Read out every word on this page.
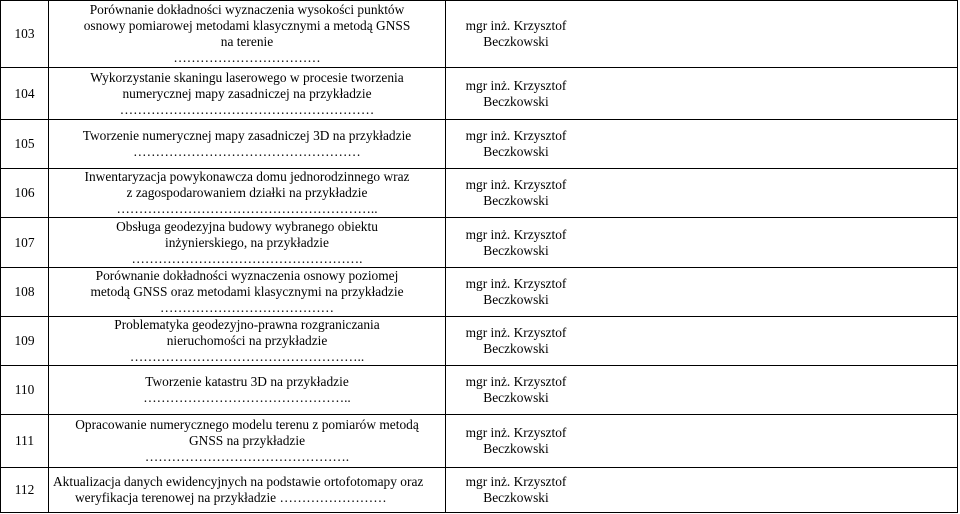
103	Porównanie dokładności wyznaczenia wysokości punktów
osnowy pomiarowej metodami klasycznymi a metodą GNSS
na terenie
……………………………	mgr inż. Krzysztof
Beczkowski

104	Wykorzystanie skaningu laserowego w procesie tworzenia
numerycznej mapy zasadniczej na przykładzie
…………………………………………………	mgr inż. Krzysztof
Beczkowski

105	Tworzenie numerycznej mapy zasadniczej 3D na przykładzie
……………………………………………	mgr inż. Krzysztof
Beczkowski

106	Inwentaryzacja powykonawcza domu jednorodzinnego wraz
z zagospodarowaniem działki na przykładzie
…………………………………………………..	mgr inż. Krzysztof
Beczkowski

107	Obsługa geodezyjna budowy wybranego obiektu
inżynierskiego, na przykładzie
…………………………………………….	mgr inż. Krzysztof
Beczkowski

108	Porównanie dokładności wyznaczenia osnowy poziomej
metodą GNSS oraz metodami klasycznymi na przykładzie
…………………………………	mgr inż. Krzysztof
Beczkowski

109	Problematyka geodezyjno-prawna rozgraniczania
nieruchomości na przykładzie
……………………………………………..	mgr inż. Krzysztof
Beczkowski

110	Tworzenie katastru 3D na przykładzie
………………………………………..	mgr inż. Krzysztof
Beczkowski

111	Opracowanie numerycznego modelu terenu z pomiarów metodą
GNSS na przykładzie
……………………………………….	mgr inż. Krzysztof
Beczkowski

112	Aktualizacja danych ewidencyjnych na podstawie ortofotomapy oraz
weryfikacja terenowej na przykładzie ……………………	mgr inż. Krzysztof
Beczkowski
